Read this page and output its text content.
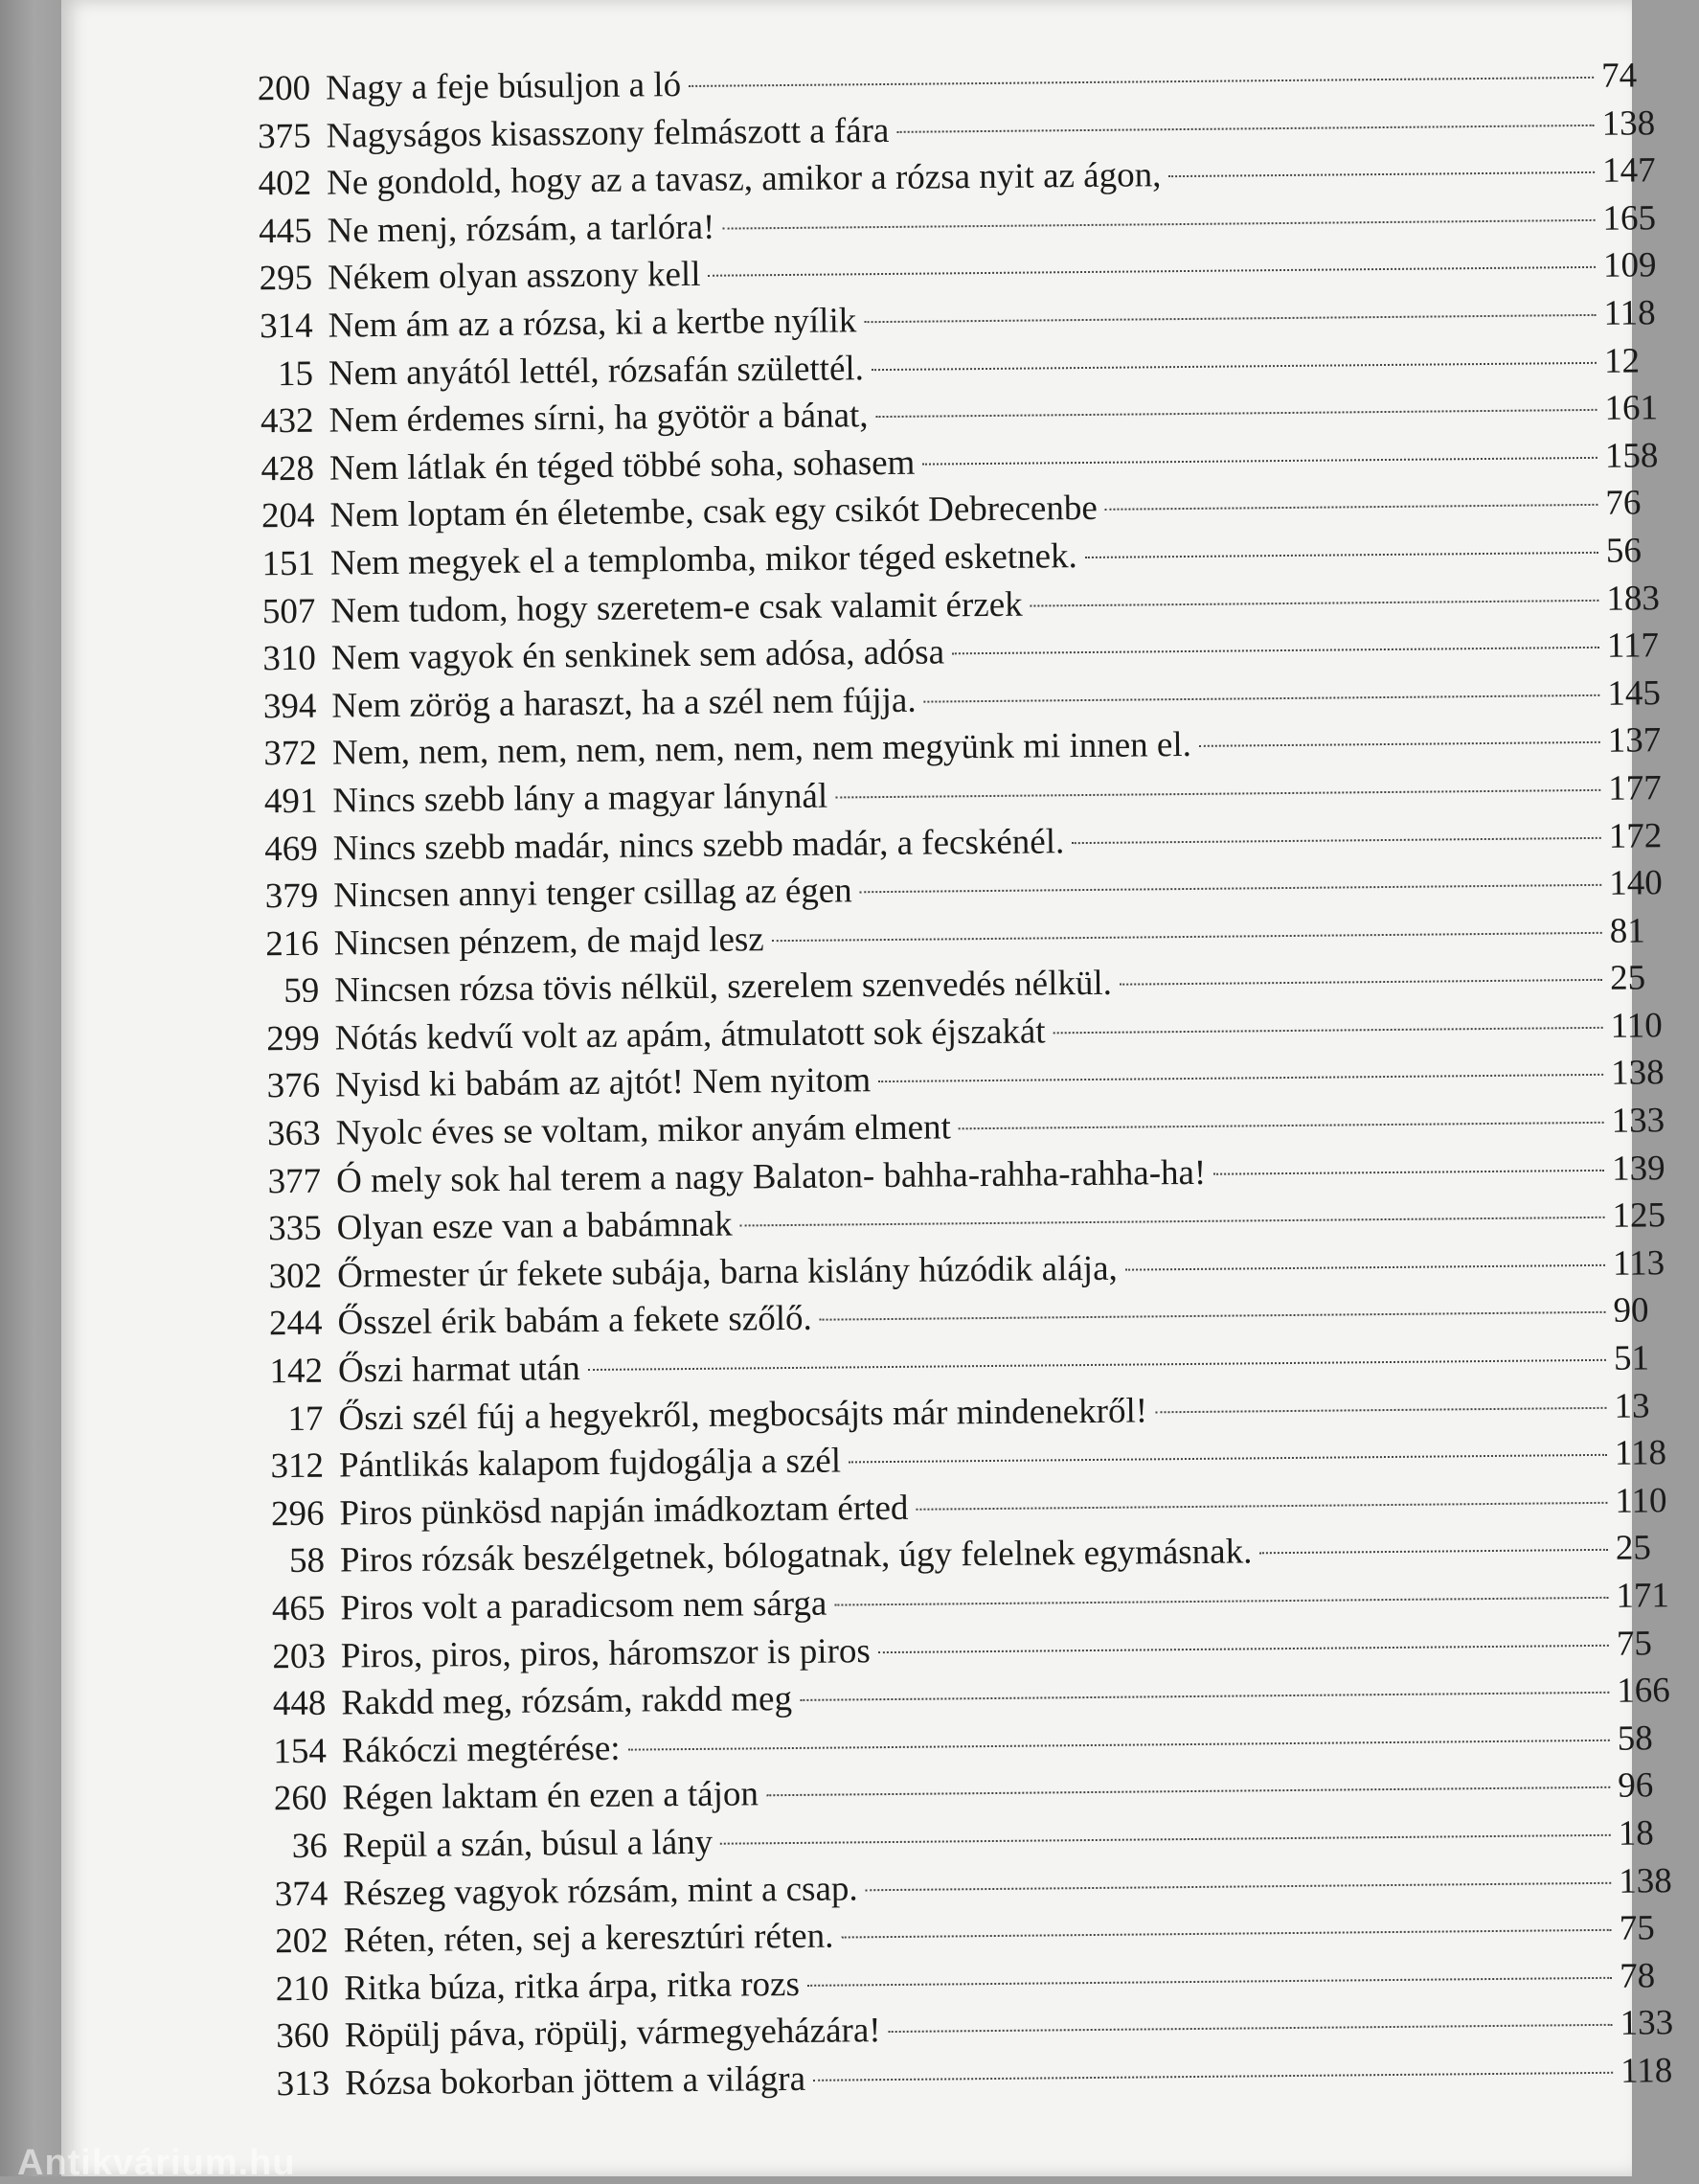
200 Nagy a feje búsuljon a ló	74
375 Nagyságos kisasszony felmászott a fára	138
402 Ne gondold, hogy az a tavasz, amikor a rózsa nyit az ágon,	147
445 Ne menj, rózsám, a tarlóra!	165
295 Nékem olyan asszony kell	109
314 Nem ám az a rózsa, ki a kertbe nyílik	118
15 Nem anyától lettél, rózsafán születtél.	12
432 Nem érdemes sírni, ha gyötör a bánat,	161
428 Nem látlak én téged többé soha, sohasem	158
204 Nem loptam én életembe, csak egy csikót Debrecenbe	76
151 Nem megyek el a templomba, mikor téged esketnek.	56
507 Nem tudom, hogy szeretem-e csak valamit érzek	183
310 Nem vagyok én senkinek sem adósa, adósa	117
394 Nem zörög a haraszt, ha a szél nem fújja.	145
372 Nem, nem, nem, nem, nem, nem, nem megyünk mi innen el.	137
491 Nincs szebb lány a magyar lánynál	177
469 Nincs szebb madár, nincs szebb madár, a fecskénél.	172
379 Nincsen annyi tenger csillag az égen	140
216 Nincsen pénzem, de majd lesz	81
59 Nincsen rózsa tövis nélkül, szerelem szenvedés nélkül.	25
299 Nótás kedvű volt az apám, átmulatott sok éjszakát	110
376 Nyisd ki babám az ajtót! Nem nyitom	138
363 Nyolc éves se voltam, mikor anyám elment	133
377 Ó mely sok hal terem a nagy Balaton- bahha-rahha-rahha-ha!	139
335 Olyan esze van a babámnak	125
302 Őrmester úr fekete subája, barna kislány húzódik alája,	113
244 Ősszel érik babám a fekete szőlő.	90
142 Őszi harmat után	51
17 Őszi szél fúj a hegyekről, megbocsájts már mindenekről!	13
312 Pántlikás kalapom fujdogálja a szél	118
296 Piros pünkösd napján imádkoztam érted	110
58 Piros rózsák beszélgetnek, bólogatnak, úgy felelnek egymásnak.	25
465 Piros volt a paradicsom nem sárga	171
203 Piros, piros, piros, háromszor is piros	75
448 Rakdd meg, rózsám, rakdd meg	166
154 Rákóczi megtérése:	58
260 Régen laktam én ezen a tájon	96
36 Repül a szán, búsul a lány	18
374 Részeg vagyok rózsám, mint a csap.	138
202 Réten, réten, sej a keresztúri réten.	75
210 Ritka búza, ritka árpa, ritka rozs	78
360 Röpülj páva, röpülj, vármegyeházára!	133
313 Rózsa bokorban jöttem a világra	118
Antikvárium.hu
